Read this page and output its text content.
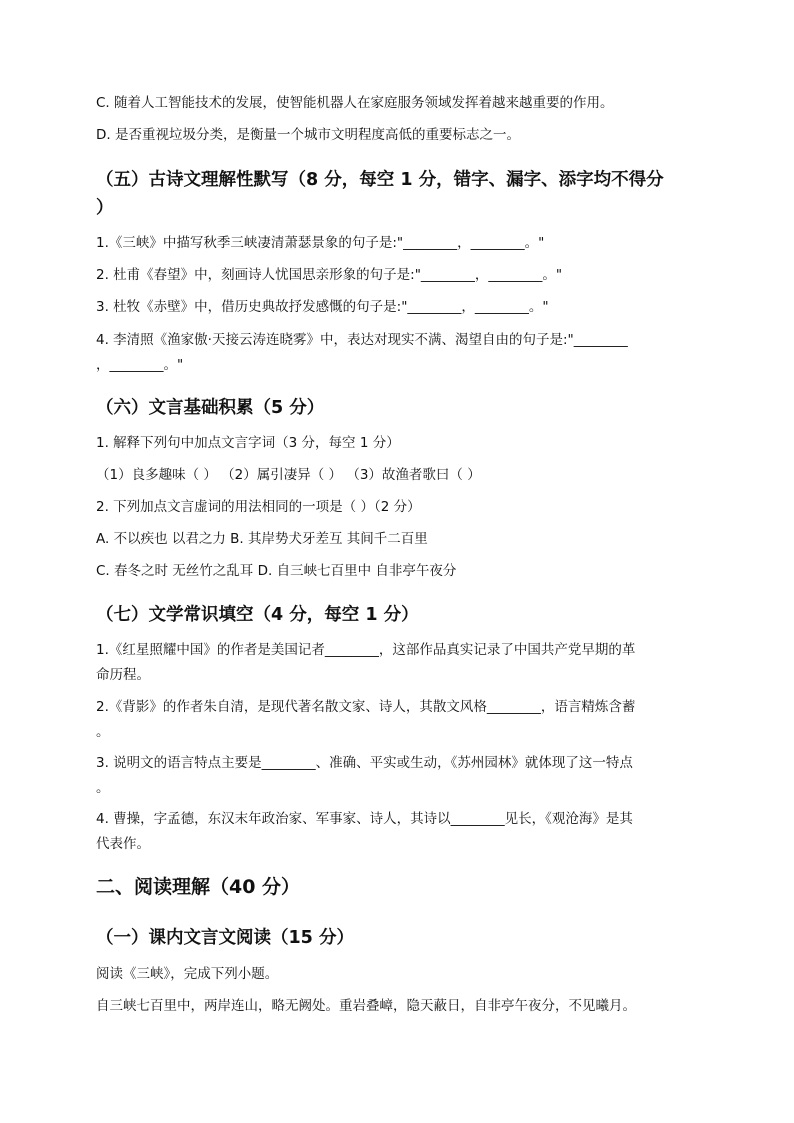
C. 随着人工智能技术的发展，使智能机器人在家庭服务领域发挥着越来越重要的作用。
D. 是否重视垃圾分类，是衡量一个城市文明程度高低的重要标志之一。
（五）古诗文理解性默写（8 分，每空 1 分，错字、漏字、添字均不得分
）
1.《三峡》中描写秋季三峡凄清萧瑟景象的句子是:"________，________。"
2. 杜甫《春望》中，刻画诗人忧国思亲形象的句子是:"________，________。"
3. 杜牧《赤壁》中，借历史典故抒发感慨的句子是:"________，________。"
4. 李清照《渔家傲·天接云涛连晓雾》中，表达对现实不满、渴望自由的句子是:"________
，________。"
（六）文言基础积累（5 分）
1. 解释下列句中加点文言字词（3 分，每空 1 分）
（1）良多趣味（ ） （2）属引凄异（ ） （3）故渔者歌曰（ ）
2. 下列加点文言虚词的用法相同的一项是（ ）（2 分）
A. 不以疾也 以君之力 B. 其岸势犬牙差互 其间千二百里
C. 春冬之时 无丝竹之乱耳 D. 自三峡七百里中 自非亭午夜分
（七）文学常识填空（4 分，每空 1 分）
1.《红星照耀中国》的作者是美国记者________，这部作品真实记录了中国共产党早期的革
命历程。
2.《背影》的作者朱自清，是现代著名散文家、诗人，其散文风格________，语言精炼含蓄
。
3. 说明文的语言特点主要是________、准确、平实或生动，《苏州园林》就体现了这一特点
。
4. 曹操，字孟德，东汉末年政治家、军事家、诗人，其诗以________见长，《观沧海》是其
代表作。
二、阅读理解（40 分）
（一）课内文言文阅读（15 分）
阅读《三峡》，完成下列小题。
自三峡七百里中，两岸连山，略无阙处。重岩叠嶂，隐天蔽日，自非亭午夜分，不见曦月。
